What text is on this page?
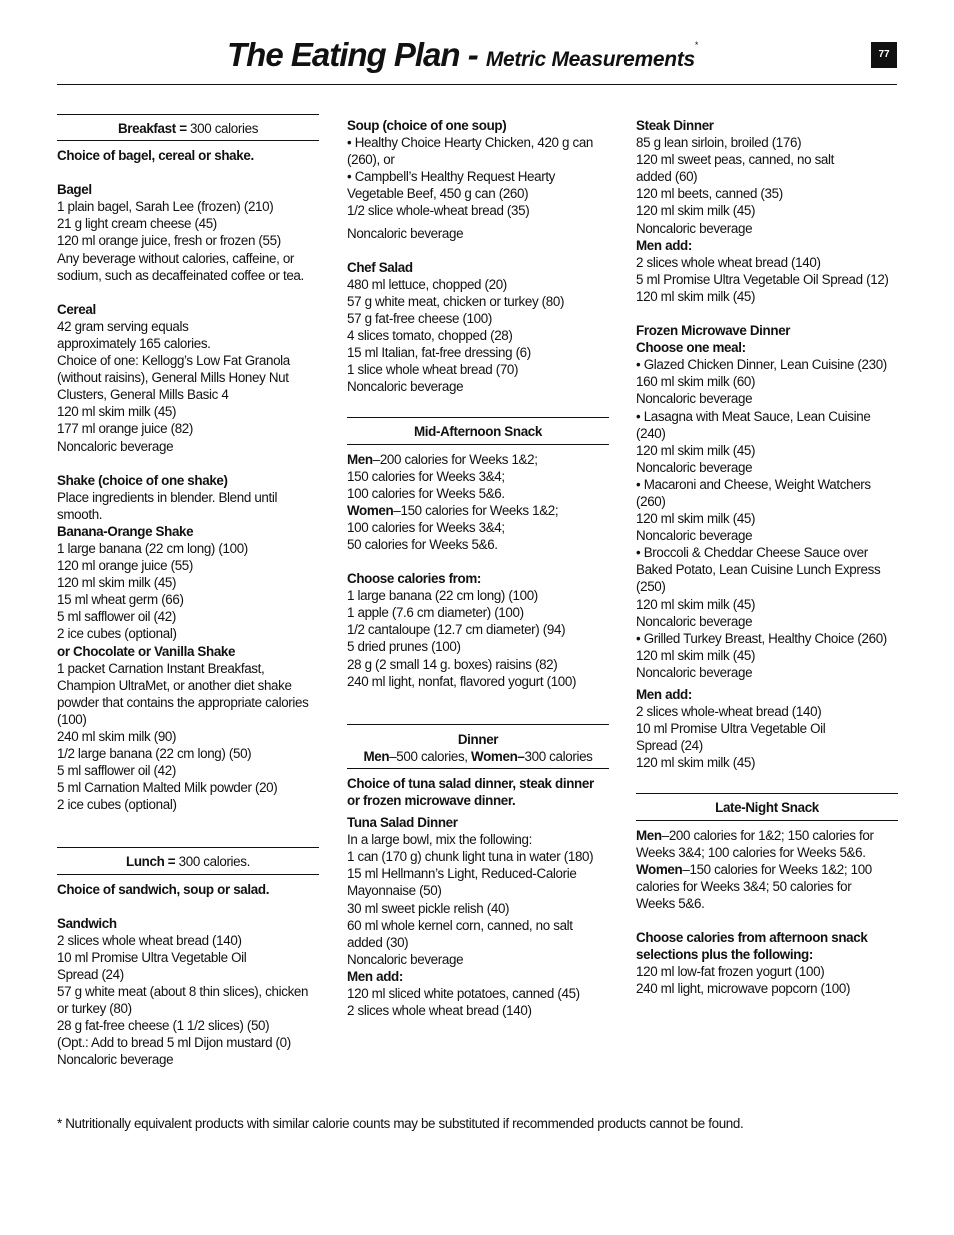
The Eating Plan - Metric Measurements*
77
Breakfast = 300 calories
Choice of bagel, cereal or shake.
Bagel
1 plain bagel, Sarah Lee (frozen) (210)
21 g light cream cheese (45)
120 ml orange juice, fresh or frozen (55)
Any beverage without calories, caffeine, or
sodium, such as decaffeinated coffee or tea.
Cereal
42 gram serving equals
approximately 165 calories.
Choice of one: Kellogg’s Low Fat Granola
(without raisins), General Mills Honey Nut
Clusters, General Mills Basic 4
120 ml skim milk (45)
177 ml orange juice (82)
Noncaloric beverage
Shake (choice of one shake)
Place ingredients in blender. Blend until
smooth.
Banana-Orange Shake
1 large banana (22 cm long) (100)
120 ml orange juice (55)
120 ml skim milk (45)
15 ml wheat germ (66)
5 ml safflower oil (42)
2 ice cubes (optional)
or Chocolate or Vanilla Shake
1 packet Carnation Instant Breakfast,
Champion UltraMet, or another diet shake
powder that contains the appropriate calories
(100)
240 ml skim milk (90)
1/2 large banana (22 cm long) (50)
5 ml safflower oil (42)
5 ml Carnation Malted Milk powder (20)
2 ice cubes (optional)
Lunch = 300 calories.
Choice of sandwich, soup or salad.
Sandwich
2 slices whole wheat bread (140)
10 ml Promise Ultra Vegetable Oil
Spread (24)
57 g white meat (about 8 thin slices), chicken
or turkey (80)
28 g fat-free cheese (1 1/2 slices) (50)
(Opt.: Add to bread 5 ml Dijon mustard (0)
Noncaloric beverage
Soup (choice of one soup)
• Healthy Choice Hearty Chicken, 420 g can
(260), or
• Campbell’s Healthy Request Hearty
Vegetable Beef, 450 g can (260)
1/2 slice whole-wheat bread (35)
Noncaloric beverage
Chef Salad
480 ml lettuce, chopped (20)
57 g white meat, chicken or turkey (80)
57 g fat-free cheese (100)
4 slices tomato, chopped (28)
15 ml Italian, fat-free dressing (6)
1 slice whole wheat bread (70)
Noncaloric beverage
Mid-Afternoon Snack
Men–200 calories for Weeks 1&2;
150 calories for Weeks 3&4;
100 calories for Weeks 5&6.
Women–150 calories for Weeks 1&2;
100 calories for Weeks 3&4;
50 calories for Weeks 5&6.
Choose calories from:
1 large banana (22 cm long) (100)
1 apple (7.6 cm diameter) (100)
1/2 cantaloupe (12.7 cm diameter) (94)
5 dried prunes (100)
28 g (2 small 14 g. boxes) raisins (82)
240 ml light, nonfat, flavored yogurt (100)
Dinner
Men–500 calories, Women–300 calories
Choice of tuna salad dinner, steak dinner
or frozen microwave dinner.
Tuna Salad Dinner
In a large bowl, mix the following:
1 can (170 g) chunk light tuna in water (180)
15 ml Hellmann’s Light, Reduced-Calorie
Mayonnaise (50)
30 ml sweet pickle relish (40)
60 ml whole kernel corn, canned, no salt
added (30)
Noncaloric beverage
Men add:
120 ml sliced white potatoes, canned (45)
2 slices whole wheat bread (140)
Steak Dinner
85 g lean sirloin, broiled (176)
120 ml sweet peas, canned, no salt
added (60)
120 ml beets, canned (35)
120 ml skim milk (45)
Noncaloric beverage
Men add:
2 slices whole wheat bread (140)
5 ml Promise Ultra Vegetable Oil Spread (12)
120 ml skim milk (45)
Frozen Microwave Dinner
Choose one meal:
• Glazed Chicken Dinner, Lean Cuisine (230)
160 ml skim milk (60)
Noncaloric beverage
• Lasagna with Meat Sauce, Lean Cuisine
(240)
120 ml skim milk (45)
Noncaloric beverage
• Macaroni and Cheese, Weight Watchers
(260)
120 ml skim milk (45)
Noncaloric beverage
• Broccoli & Cheddar Cheese Sauce over
Baked Potato, Lean Cuisine Lunch Express
(250)
120 ml skim milk (45)
Noncaloric beverage
• Grilled Turkey Breast, Healthy Choice (260)
120 ml skim milk (45)
Noncaloric beverage
Men add:
2 slices whole-wheat bread (140)
10 ml Promise Ultra Vegetable Oil
Spread (24)
120 ml skim milk (45)
Late-Night Snack
Men–200 calories for 1&2; 150 calories for
Weeks 3&4; 100 calories for Weeks 5&6.
Women–150 calories for Weeks 1&2; 100
calories for Weeks 3&4; 50 calories for
Weeks 5&6.
Choose calories from afternoon snack
selections plus the following:
120 ml low-fat frozen yogurt (100)
240 ml light, microwave popcorn (100)
* Nutritionally equivalent products with similar calorie counts may be substituted if recommended products cannot be found.
